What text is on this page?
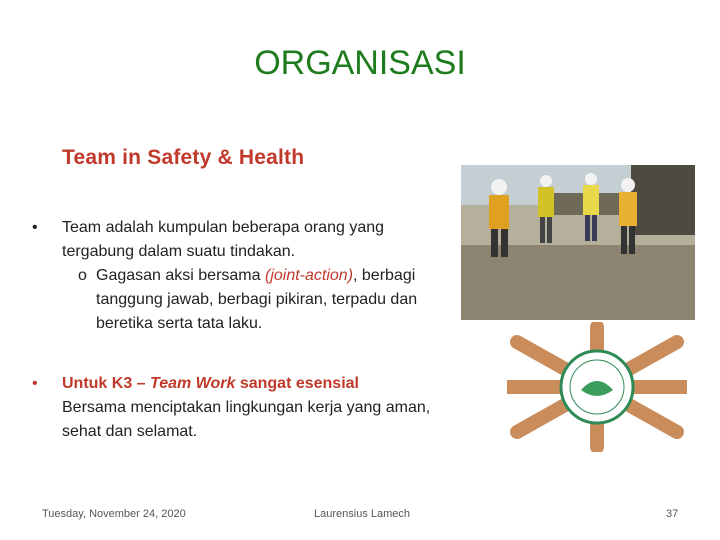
ORGANISASI
Team in Safety & Health
•	Team adalah kumpulan beberapa orang yang tergabung dalam suatu tindakan.
o Gagasan aksi bersama (joint-action), berbagi tanggung jawab, berbagi pikiran, terpadu dan beretika serta tata laku.
•	Untuk K3 – Team Work sangat esensial
Bersama menciptakan lingkungan kerja yang aman, sehat dan selamat.
Tuesday, November 24, 2020	Laurensius Lamech	37
